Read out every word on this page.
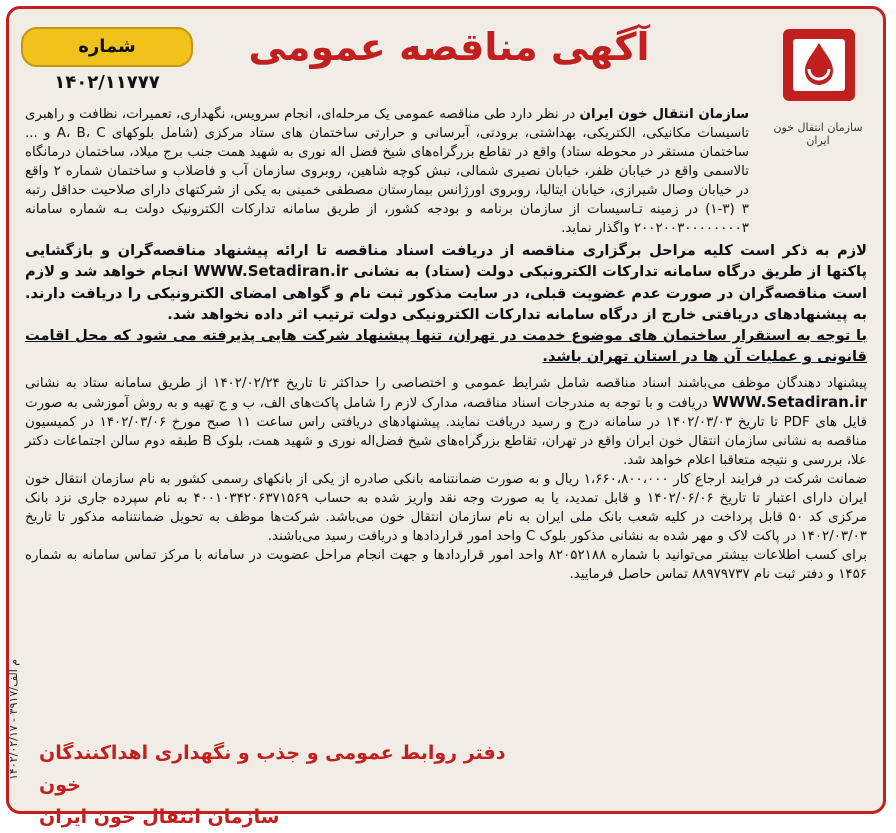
آگهی مناقصه عمومی
شماره ۱۴۰۲/۱۱۷۷۷
سازمان انتقال خون ایران

سازمان انتقال خون ایران در نظر دارد طی مناقصه عمومی یک مرحله‌ای، انجام سرویس، نگهداری، تعمیرات، نظافت و راهبری تاسیسات مکانیکی، الکتریکی، بهداشتی، برودتی، آبرسانی و حرارتی ساختمان های ستاد مرکزی (شامل بلوکهای A، B، C و ... ساختمان مستقر در محوطه ستاد) واقع در تقاطع بزرگراه‌های شیخ فضل اله نوری به شهید همت جنب برج میلاد، ساختمان درمانگاه تالاسمی واقع در خیابان ظفر، خیابان نصیری شمالی، نبش کوچه شاهین، روبروی سازمان آب و فاضلاب و ساختمان شماره ۲ واقع در خیابان وصال شیرازی، خیابان ایتالیا، روبروی اورژانس بیمارستان مصطفی خمینی به یکی از شرکتهای دارای صلاحیت حداقل رتبه ۳ (۳-۱) در زمینه تـاسیسات از سازمان برنامه و بودجه کشور، از طریق سامانه تدارکات الکترونیک دولت بـه شماره سامانه ۲۰۰۲۰۰۳۰۰۰۰۰۰۰۰۳ واگذار نماید.

لازم به ذکر است کلیه مراحل برگزاری مناقصه از دریافت اسناد مناقصه تا ارائه پیشنهاد مناقصه‌گران و بازگشایی پاکتها از طریق درگاه سامانه تدارکات الکترونیکی دولت (ستاد) به نشانی WWW.Setadiran.ir انجام خواهد شد و لازم است مناقصه‌گران در صورت عدم عضویت قبلی، در سایت مذکور ثبت نام و گواهی امضای الکترونیکی را دریافت دارند. به پیشنهادهای دریافتی خارج از درگاه سامانه تدارکات الکترونیکی دولت ترتیب اثر داده نخواهد شد.

با توجه به استقرار ساختمان های موضوع خدمت در تهران، تنها پیشنهاد شرکت هایی پذیرفته می شود که محل اقامت قانونی و عملیات آن ها در استان تهران باشد.

پیشنهاد دهندگان موظف می‌باشند اسناد مناقصه شامل شرایط عمومی و اختصاصی را حداکثر تا تاریخ ۱۴۰۲/۰۲/۲۴ از طریق سامانه ستاد به نشانی WWW.Setadiran.ir دریافت و با توجه به مندرجات اسناد مناقصه، مدارک لازم را شامل پاکت‌های الف، ب و ج تهیه و به روش آموزشی به صورت فایل های PDF تا تاریخ ۱۴۰۲/۰۳/۰۳ در سامانه درج و رسید دریافت نمایند. پیشنهادهای دریافتی راس ساعت ۱۱ صبح مورخ ۱۴۰۲/۰۳/۰۶ در کمیسیون مناقصه به نشانی سازمان انتقال خون ایران واقع در تهران، تقاطع بزرگراه‌های شیخ فضل‌اله نوری و شهید همت، بلوک B طبقه دوم سالن اجتماعات دکتر علا، بررسی و نتیجه متعاقبا اعلام خواهد شد.

ضمانت شرکت در فرایند ارجاع کار ۱،۶۶۰،۸۰۰،۰۰۰ ریال و به صورت ضمانتنامه بانکی صادره از یکی از بانکهای رسمی کشور به نام سازمان انتقال خون ایران دارای اعتبار تا تاریخ ۱۴۰۲/۰۶/۰۶ و قابل تمدید، یا به صورت وجه نقد واریز شده به حساب ۴۰۰۱۰۳۴۲۰۶۳۷۱۵۶۹ به نام سپرده جاری نزد بانک مرکزی کد ۵۰ قابل پرداخت در کلیه شعب بانک ملی ایران به نام سازمان انتقال خون می‌باشد. شرکت‌ها موظف به تحویل ضمانتنامه مذکور تا تاریخ ۱۴۰۲/۰۳/۰۳ در پاکت لاک و مهر شده به نشانی مذکور بلوک C واحد امور قراردادها و دریافت رسید می‌باشند.

برای کسب اطلاعات بیشتر می‌توانید با شماره ۸۲۰۵۲۱۸۸ واحد امور قراردادها و جهت انجام مراحل عضویت در سامانه با مرکز تماس سامانه به شماره ۱۴۵۶ و دفتر ثبت نام ۸۸۹۷۹۷۳۷ تماس حاصل فرمایید.

دفتر روابط عمومی و جذب و نگهداری اهداکنندگان خون
سازمان انتقال خون ایران
م الف/۳۹۱۷ - ۱۴۰۲/۰۲/۱۷
